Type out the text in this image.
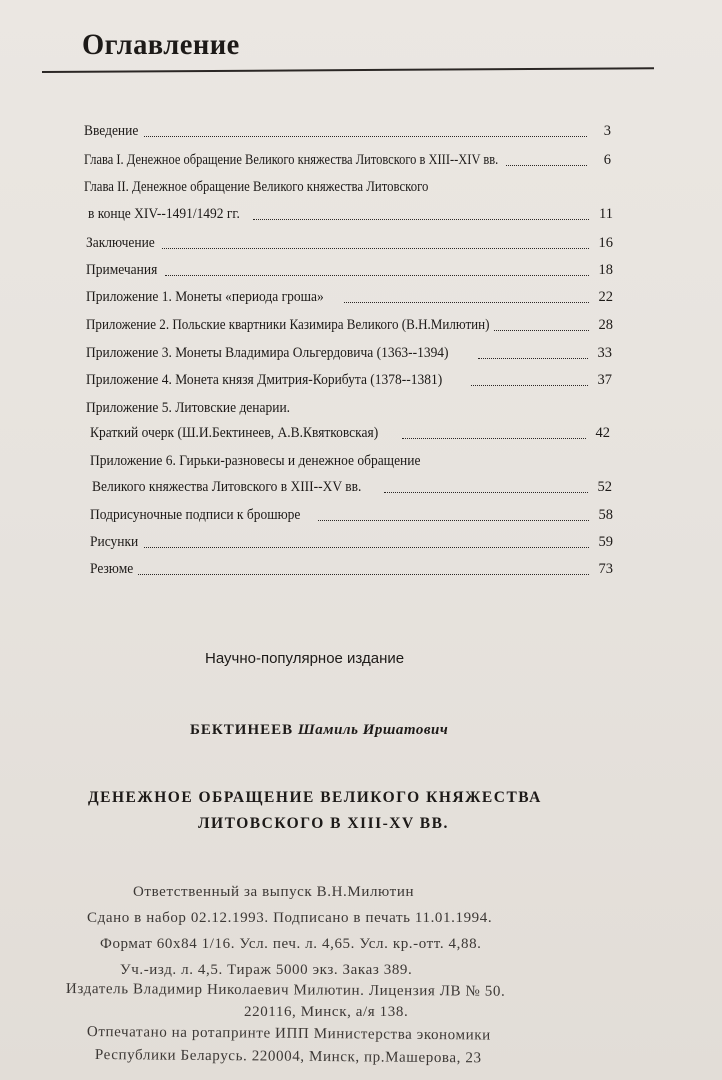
Оглавление
Введение	3
Глава I. Денежное обращение Великого княжества Литовского в XIII--XIV вв.	6
Глава II. Денежное обращение Великого княжества Литовского
в конце XIV--1491/1492 гг.	11
Заключение	16
Примечания	18
Приложение 1. Монеты «периода гроша»	22
Приложение 2. Польские квартники Казимира Великого (В.Н.Милютин)	28
Приложение 3. Монеты Владимира Ольгердовича (1363--1394)	33
Приложение 4. Монета князя Дмитрия-Корибута (1378--1381)	37
Приложение 5. Литовские денарии.
Краткий очерк (Ш.И.Бектинеев, А.В.Квятковская)	42
Приложение 6. Гирьки-разновесы и денежное обращение
Великого княжества Литовского в XIII--XV вв.	52
Подрисуночные подписи к брошюре	58
Рисунки	59
Резюме	73
Научно-популярное издание
БЕКТИНЕЕВ Шамиль Иршатович
ДЕНЕЖНОЕ ОБРАЩЕНИЕ ВЕЛИКОГО КНЯЖЕСТВА
ЛИТОВСКОГО В XIII-XV ВВ.
Ответственный за выпуск В.Н.Милютин
Сдано в набор 02.12.1993. Подписано в печать 11.01.1994.
Формат 60х84 1/16. Усл. печ. л. 4,65. Усл. кр.-отт. 4,88.
Уч.-изд. л. 4,5. Тираж 5000 экз. Заказ 389.
Издатель Владимир Николаевич Милютин. Лицензия ЛВ № 50.
220116, Минск, а/я 138.
Отпечатано на ротапринте ИПП Министерства экономики
Республики Беларусь. 220004, Минск, пр.Машерова, 23
